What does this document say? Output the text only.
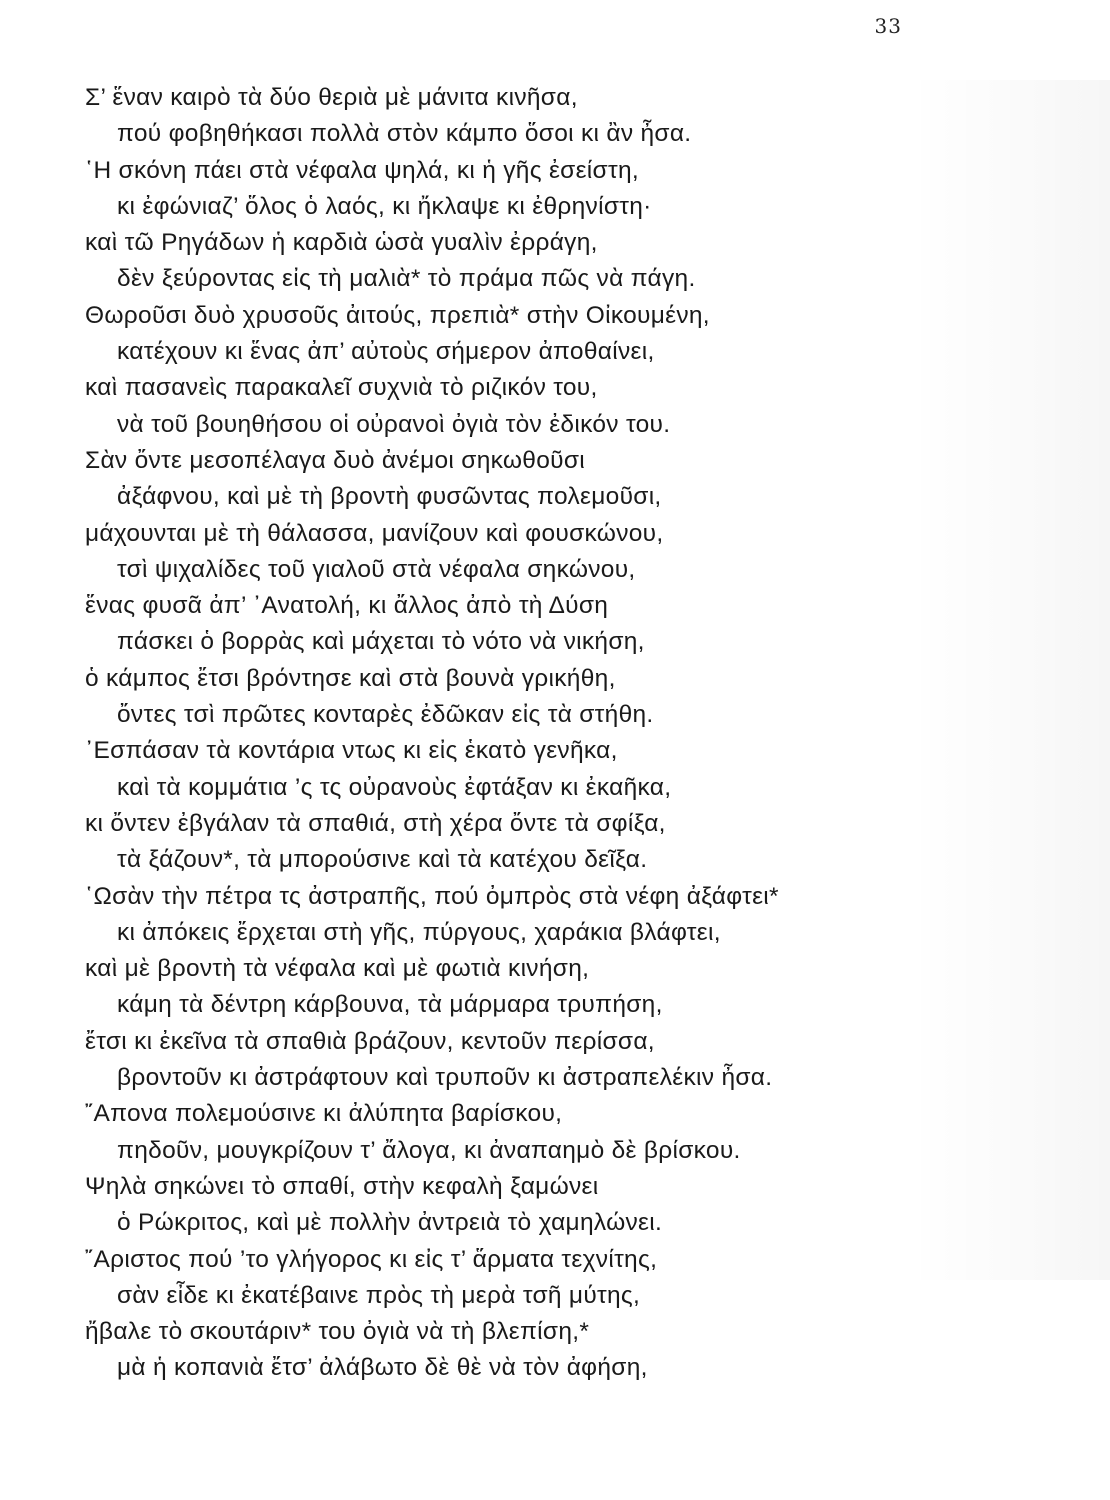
33
Σ’ ἕναν καιρὸ τὰ δύο θεριὰ μὲ μάνιτα κινῆσα,
πού φοβηθήκασι πολλὰ στὸν κάμπο ὅσοι κι ἂν ἦσα.
῾Η σκόνη πάει στὰ νέφαλα ψηλά, κι ἡ γῆς ἐσείστη,
κι ἐφώνιαζ’ ὅλος ὁ λαός, κι ἤκλαψε κι ἐθρηνίστη·
καὶ τῶ Ρηγάδων ἡ καρδιὰ ὡσὰ γυαλὶν ἐρράγη,
δὲν ξεύροντας εἰς τὴ μαλιὰ* τὸ πράμα πῶς νὰ πάγη.
Θωροῦσι δυὸ χρυσοῦς ἀιτούς, πρεπιὰ* στὴν Οἰκουμένη,
κατέχουν κι ἕνας ἀπ’ αὐτοὺς σήμερον ἀποθαίνει,
καὶ πασανεὶς παρακαλεῖ συχνιὰ τὸ ριζικόν του,
νὰ τοῦ βουηθήσου οἱ οὐρανοὶ ὀγιὰ τὸν ἐδικόν του.
Σὰν ὄντε μεσοπέλαγα δυὸ ἀνέμοι σηκωθοῦσι
ἀξάφνου, καὶ μὲ τὴ βροντὴ φυσῶντας πολεμοῦσι,
μάχουνται μὲ τὴ θάλασσα, μανίζουν καὶ φουσκώνου,
τσὶ ψιχαλίδες τοῦ γιαλοῦ στὰ νέφαλα σηκώνου,
ἕνας φυσᾶ ἀπ’ ᾿Ανατολή, κι ἄλλος ἀπὸ τὴ Δύση
πάσκει ὁ βορρὰς καὶ μάχεται τὸ νότο νὰ νικήση,
ὁ κάμπος ἔτσι βρόντησε καὶ στὰ βουνὰ γρικήθη,
ὄντες τσὶ πρῶτες κονταρὲς ἐδῶκαν εἰς τὰ στήθη.
᾿Εσπάσαν τὰ κοντάρια ντως κι εἰς ἑκατὸ γενῆκα,
καὶ τὰ κομμάτια ’ς τς οὐρανοὺς ἐφτάξαν κι ἐκαῆκα,
κι ὄντεν ἐβγάλαν τὰ σπαθιά, στὴ χέρα ὄντε τὰ σφίξα,
τὰ ξάζουν*, τὰ μπορούσινε καὶ τὰ κατέχου δεῖξα.
῾Ωσὰν τὴν πέτρα τς ἀστραπῆς, πού ὀμπρὸς στὰ νέφη ἀξάφτει*
κι ἀπόκεις ἔρχεται στὴ γῆς, πύργους, χαράκια βλάφτει,
καὶ μὲ βροντὴ τὰ νέφαλα καὶ μὲ φωτιὰ κινήση,
κάμη τὰ δέντρη κάρβουνα, τὰ μάρμαρα τρυπήση,
ἔτσι κι ἐκεῖνα τὰ σπαθιὰ βράζουν, κεντοῦν περίσσα,
βροντοῦν κι ἀστράφτουν καὶ τρυποῦν κι ἀστραπελέκιν ἦσα.
῎Απονα πολεμούσινε κι ἀλύπητα βαρίσκου,
πηδοῦν, μουγκρίζουν τ’ ἄλογα, κι ἀναπαημὸ δὲ βρίσκου.
Ψηλὰ σηκώνει τὸ σπαθί, στὴν κεφαλὴ ξαμώνει
ὁ Ρώκριτος, καὶ μὲ πολλὴν ἀντρειὰ τὸ χαμηλώνει.
῎Αριστος πού ’το γλήγορος κι εἰς τ’ ἅρματα τεχνίτης,
σὰν εἶδε κι ἐκατέβαινε πρὸς τὴ μερὰ τσῆ μύτης,
ἤβαλε τὸ σκουτάριν* του ὀγιὰ νὰ τὴ βλεπίση,*
μὰ ἡ κοπανιὰ ἔτσ’ ἀλάβωτο δὲ θὲ νὰ τὸν ἀφήση,
